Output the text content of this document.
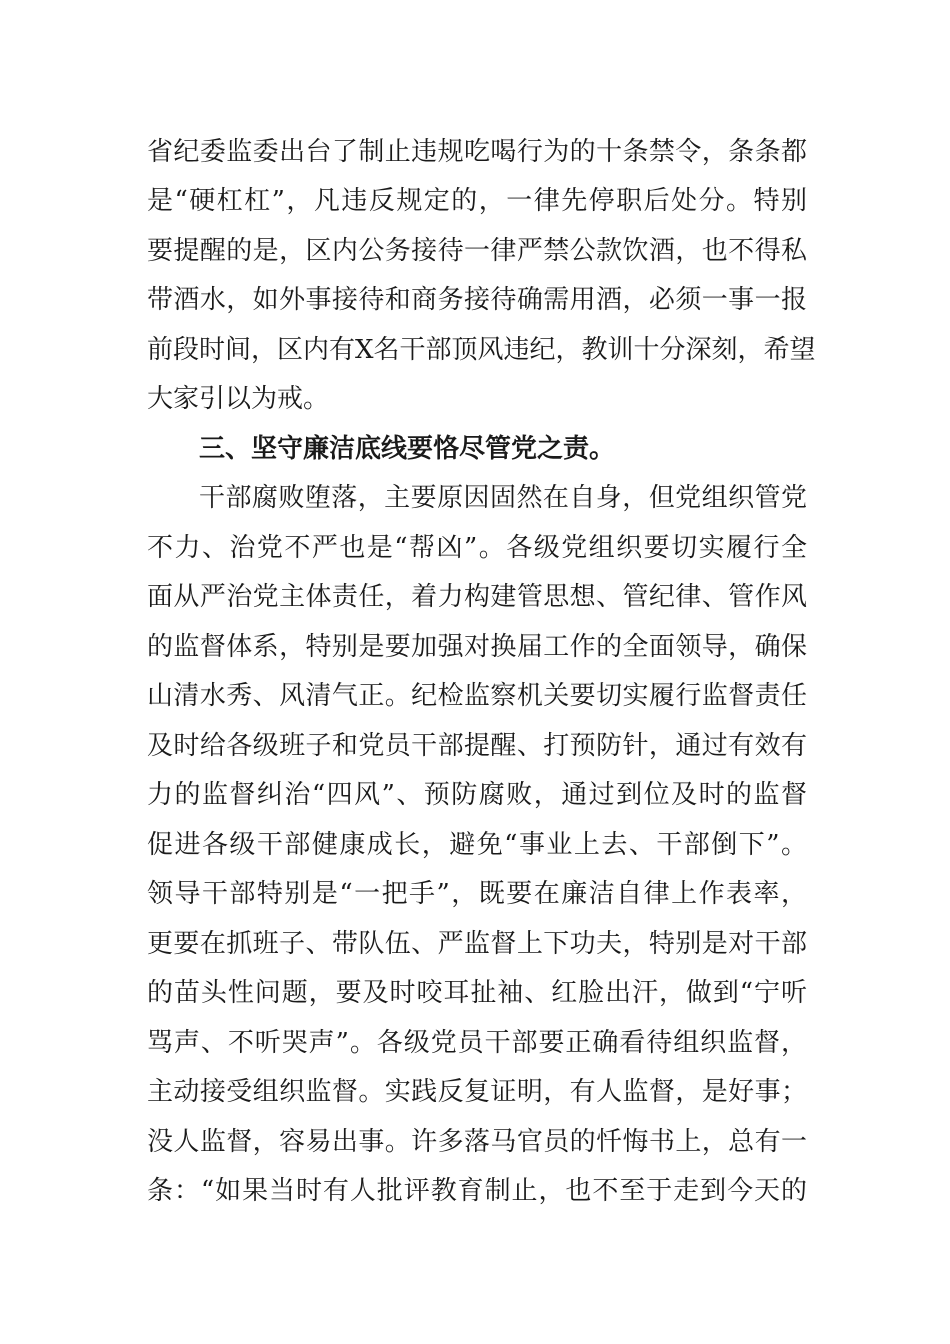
省纪委监委出台了制止违规吃喝行为的十条禁令，条条都
是“硬杠杠”，凡违反规定的，一律先停职后处分。特别
要提醒的是，区内公务接待一律严禁公款饮酒，也不得私
带酒水，如外事接待和商务接待确需用酒，必须一事一报
前段时间，区内有X名干部顶风违纪，教训十分深刻，希望
大家引以为戒。
三、坚守廉洁底线要恪尽管党之责。
干部腐败堕落，主要原因固然在自身，但党组织管党
不力、治党不严也是“帮凶”。各级党组织要切实履行全
面从严治党主体责任，着力构建管思想、管纪律、管作风
的监督体系，特别是要加强对换届工作的全面领导，确保
山清水秀、风清气正。纪检监察机关要切实履行监督责任
及时给各级班子和党员干部提醒、打预防针，通过有效有
力的监督纠治“四风”、预防腐败，通过到位及时的监督
促进各级干部健康成长，避免“事业上去、干部倒下”。
领导干部特别是“一把手”，既要在廉洁自律上作表率，
更要在抓班子、带队伍、严监督上下功夫，特别是对干部
的苗头性问题，要及时咬耳扯袖、红脸出汗，做到“宁听
骂声、不听哭声”。各级党员干部要正确看待组织监督，
主动接受组织监督。实践反复证明，有人监督，是好事；
没人监督，容易出事。许多落马官员的忏悔书上，总有一
条：“如果当时有人批评教育制止，也不至于走到今天的
